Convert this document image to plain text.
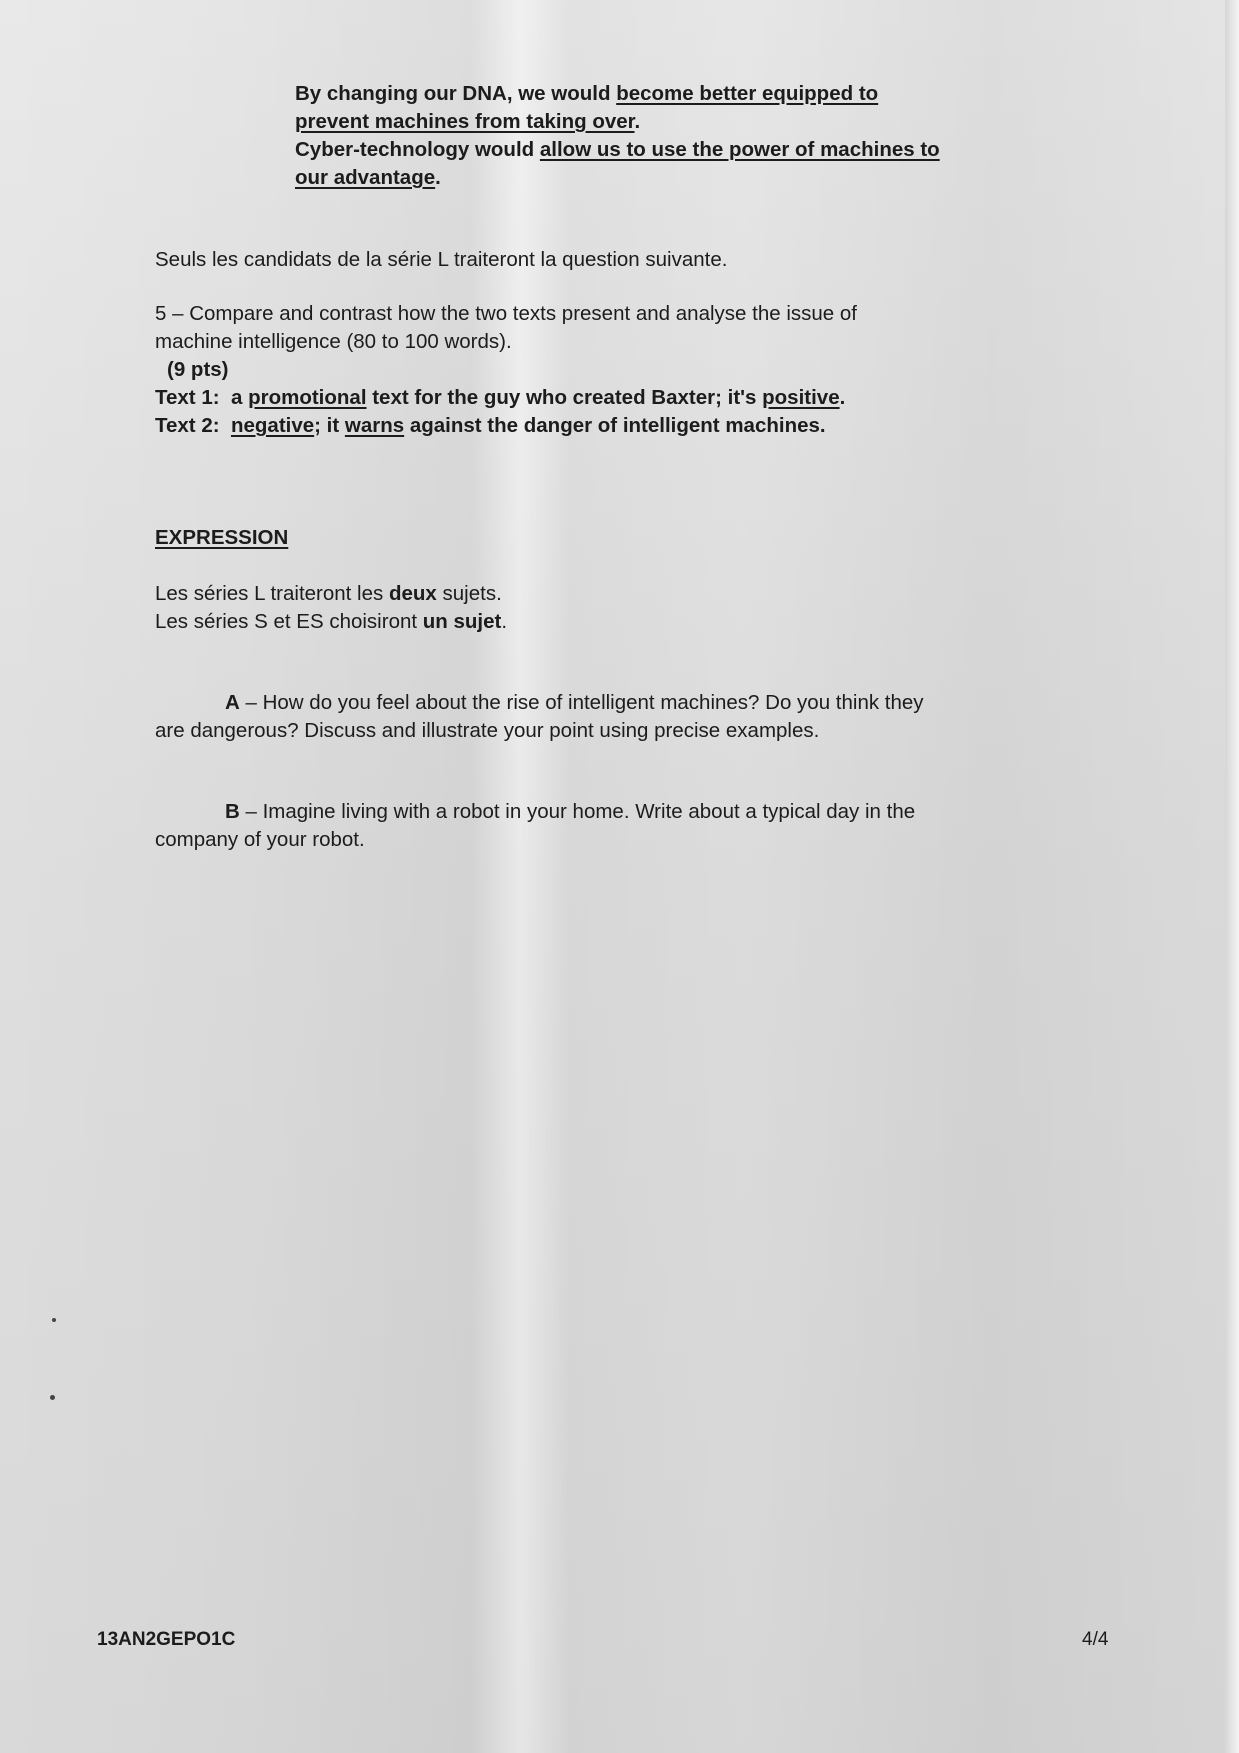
By changing our DNA, we would become better equipped to
prevent machines from taking over.
Cyber-technology would allow us to use the power of machines to
our advantage.
Seuls les candidats de la série L traiteront la question suivante.
5 – Compare and contrast how the two texts present and analyse the issue of
machine intelligence (80 to 100 words).
(9 pts)
Text 1: a promotional text for the guy who created Baxter; it's positive.
Text 2: negative; it warns against the danger of intelligent machines.
EXPRESSION
Les séries L traiteront les deux sujets.
Les séries S et ES choisiront un sujet.
A – How do you feel about the rise of intelligent machines? Do you think they
are dangerous? Discuss and illustrate your point using precise examples.
B – Imagine living with a robot in your home. Write about a typical day in the
company of your robot.
13AN2GEPO1C	4/4
